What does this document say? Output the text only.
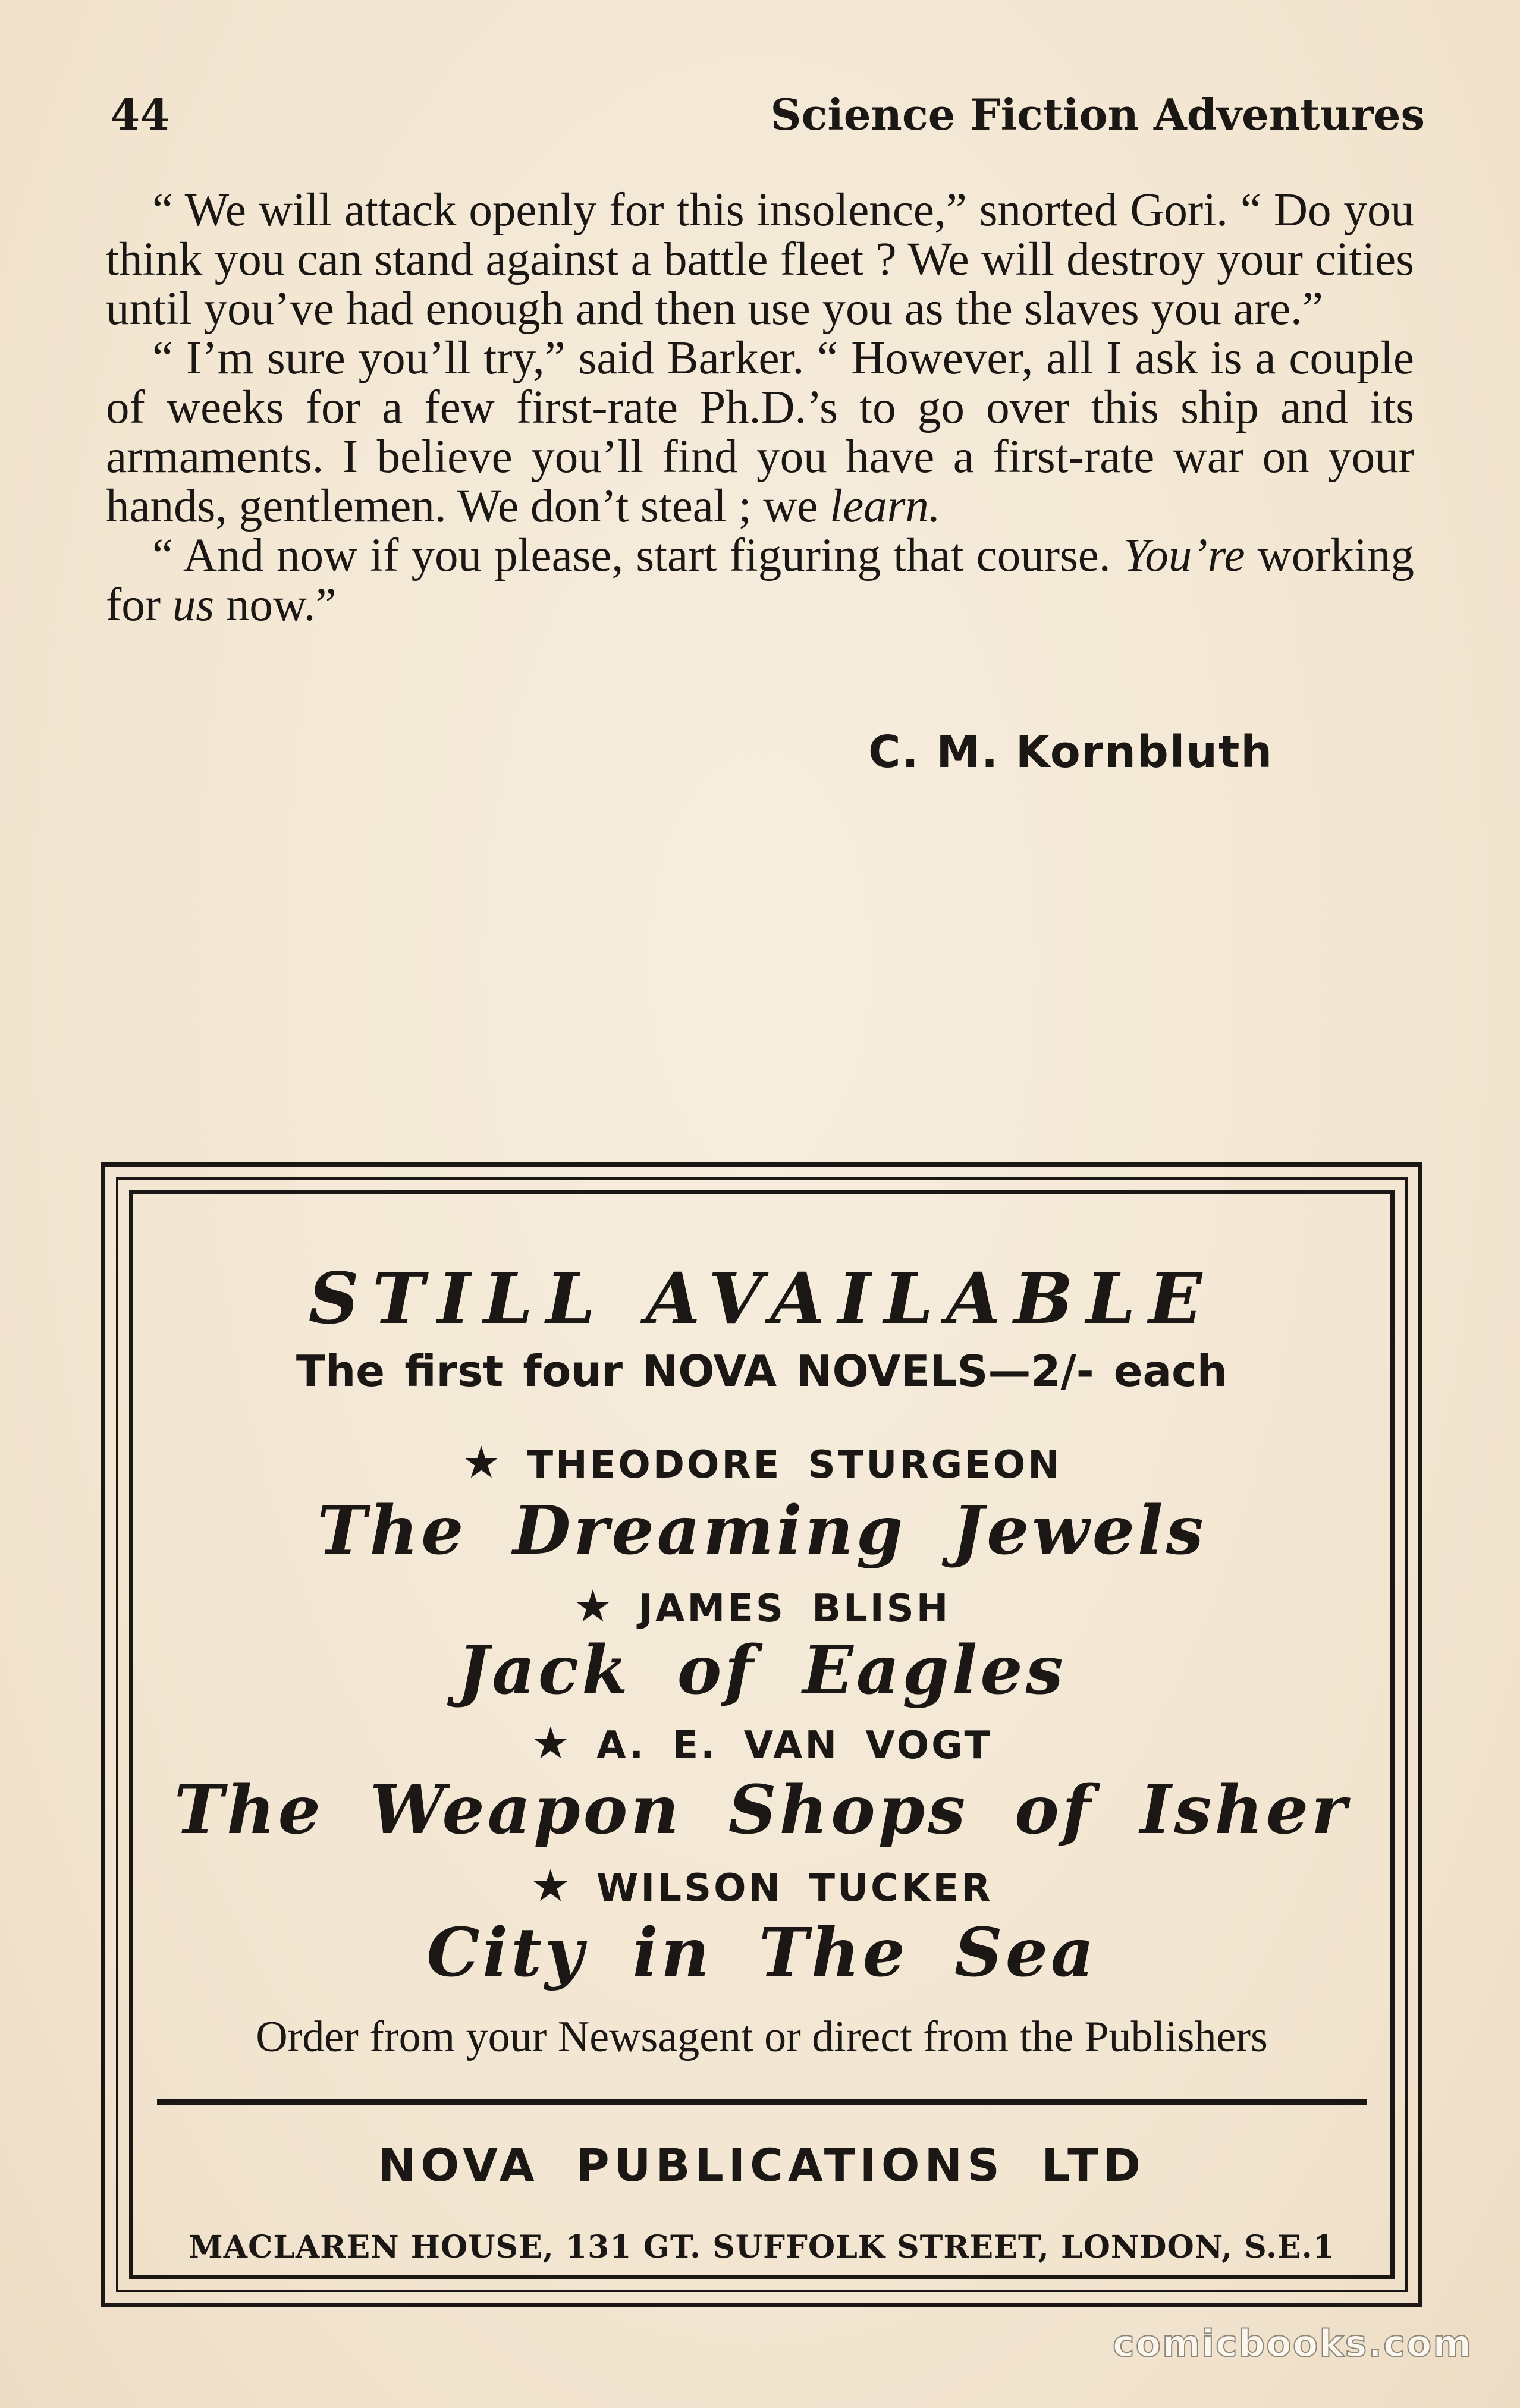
44	Science Fiction Adventures

“ We will attack openly for this insolence,” snorted Gori. “ Do you think you can stand against a battle fleet ? We will destroy your cities until you’ve had enough and then use you as the slaves you are.”

“ I’m sure you’ll try,” said Barker. “ However, all I ask is a couple of weeks for a few first-rate Ph.D.’s to go over this ship and its armaments. I believe you’ll find you have a first-rate war on your hands, gentlemen. We don’t steal ; we learn.

“ And now if you please, start figuring that course. You’re working for us now.”

C. M. Kornbluth
STILL AVAILABLE
The first four NOVA NOVELS—2/- each
★ THEODORE STURGEON
The Dreaming Jewels
★ JAMES BLISH
Jack of Eagles
★ A. E. VAN VOGT
The Weapon Shops of Isher
★ WILSON TUCKER
City in The Sea
Order from your Newsagent or direct from the Publishers
NOVA PUBLICATIONS LTD
MACLAREN HOUSE, 131 GT. SUFFOLK STREET, LONDON, S.E.1
comicbooks.com
